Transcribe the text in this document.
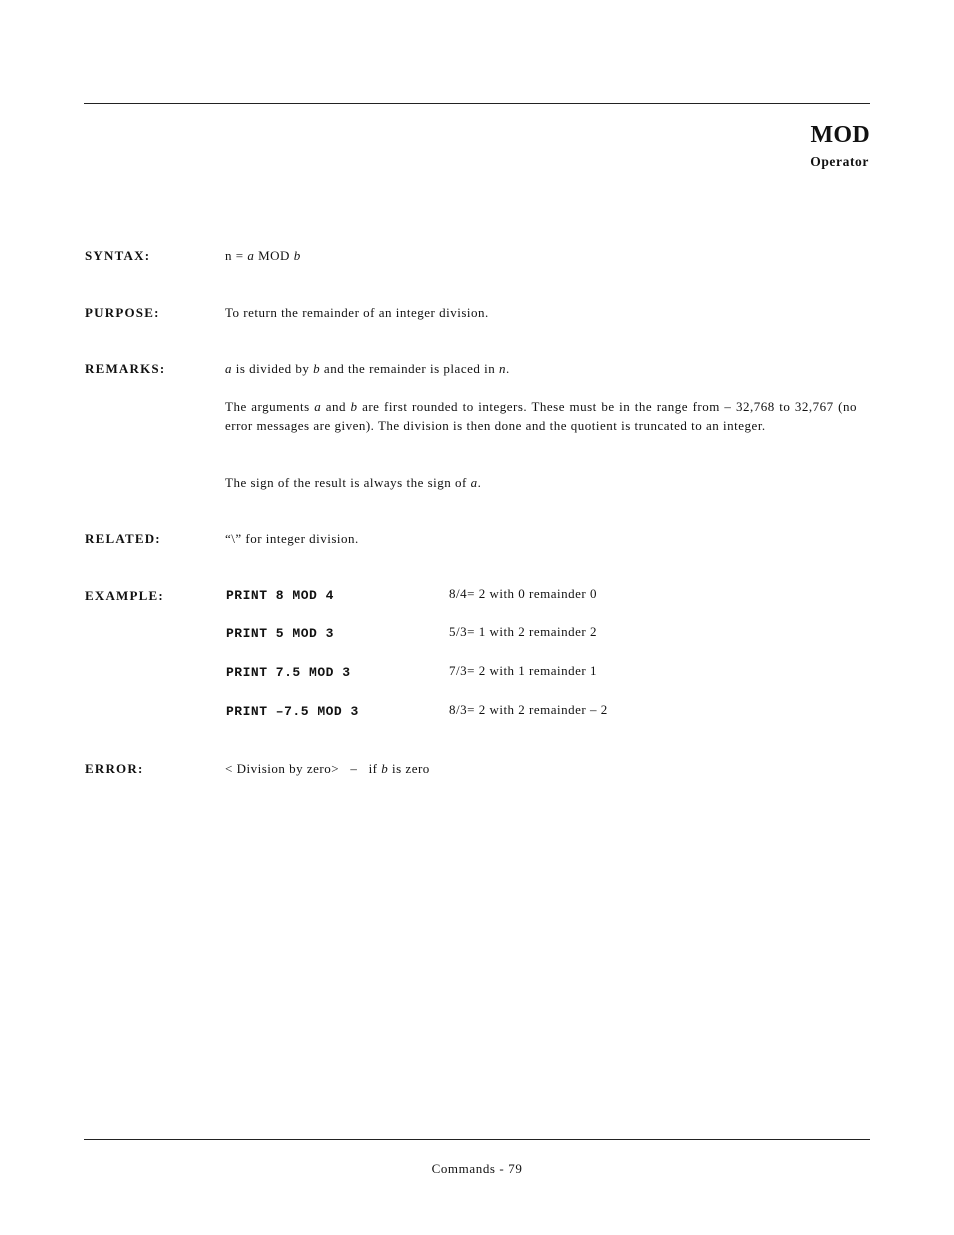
MOD
Operator
SYNTAX:	n = a MOD b
PURPOSE:	To return the remainder of an integer division.
REMARKS:	a is divided by b and the remainder is placed in n.
The arguments a and b are first rounded to integers. These must be in the range from – 32,768 to 32,767 (no error messages are given). The division is then done and the quotient is truncated to an integer.
The sign of the result is always the sign of a.
RELATED:	“\” for integer division.
EXAMPLE:	PRINT 8 MOD 4	8/4= 2 with 0 remainder 0
PRINT 5 MOD 3	5/3= 1 with 2 remainder 2
PRINT 7.5 MOD 3	7/3= 2 with 1 remainder 1
PRINT –7.5 MOD 3	8/3= 2 with 2 remainder – 2
ERROR:	< Division by zero>   –   if b is zero
Commands - 79
